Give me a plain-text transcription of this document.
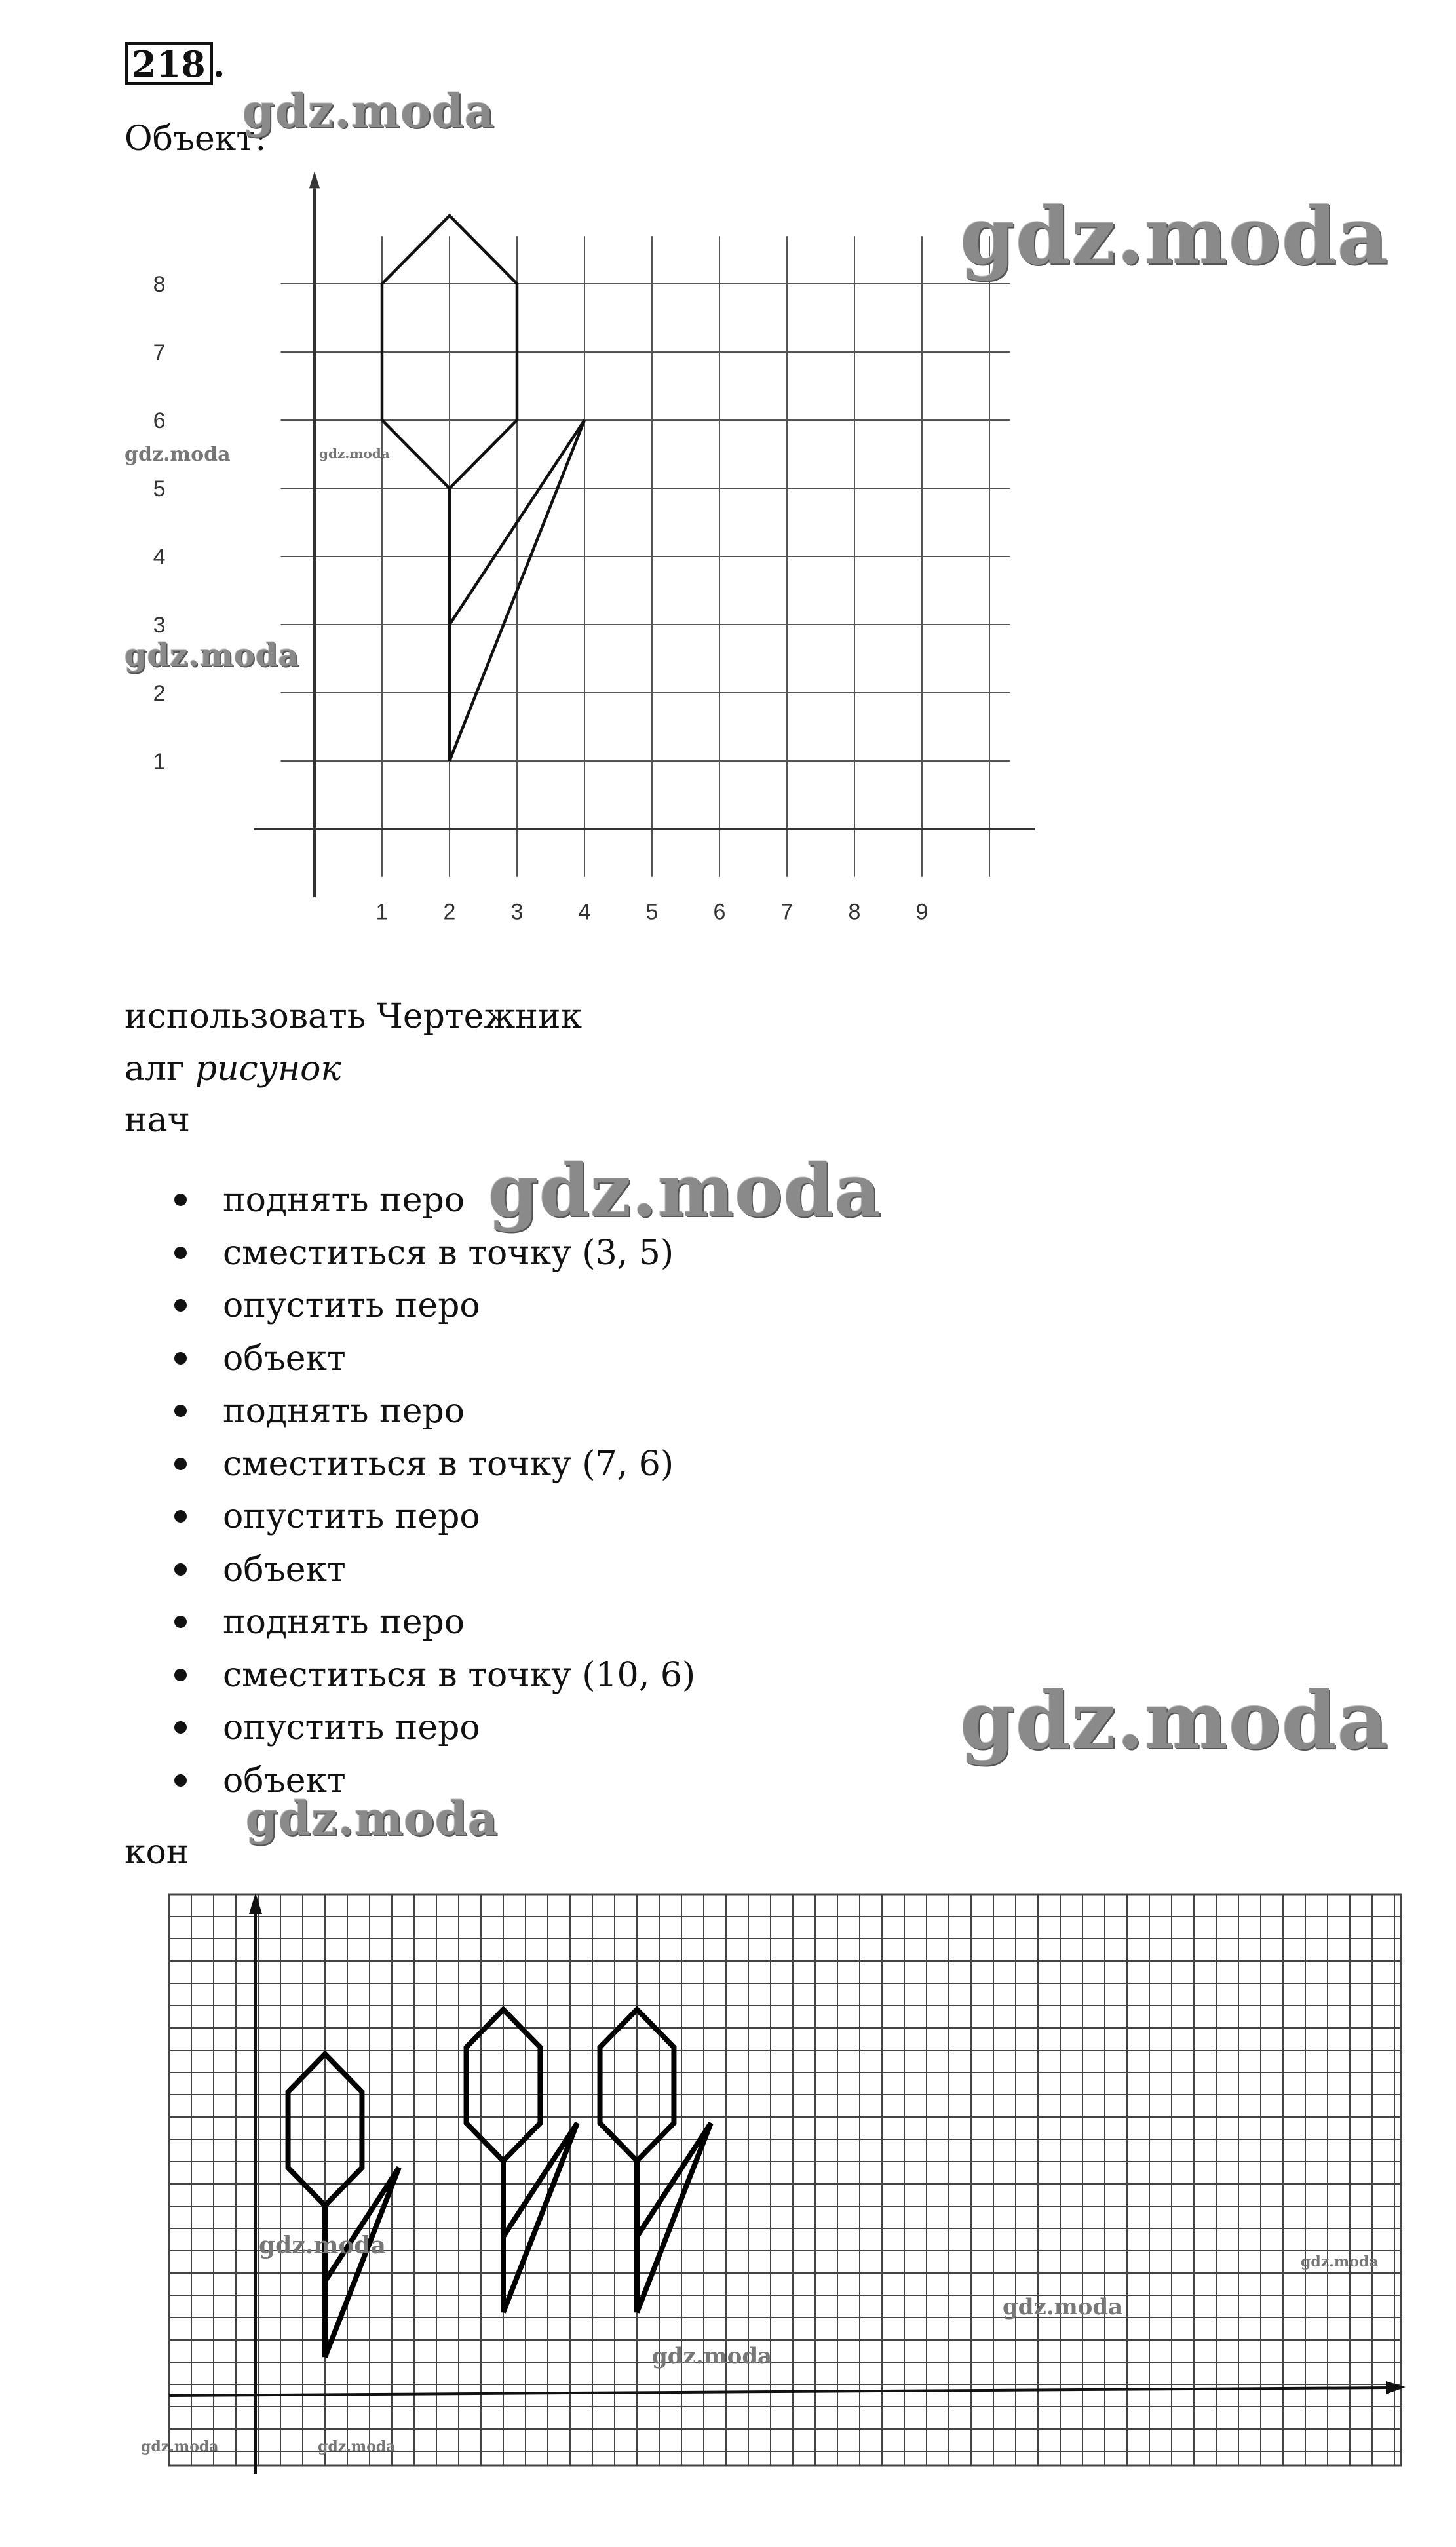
218 .
Объект:
1 2 3 4 5 6 7 8 9
1
2
3
4
5
6
7
8
использовать Чертежник
алг рисунок
нач
поднять перо
сместиться в точку (3, 5)
опустить перо
объект
поднять перо
сместиться в точку (7, 6)
опустить перо
объект
поднять перо
сместиться в точку (10, 6)
опустить перо
объект
кон
gdz.moda
gdz.moda
gdz.moda	gdz.moda
gdz.moda
gdz.moda
gdz.moda
gdz.moda
gdz.moda
gdz.moda
gdz.moda
gdz.moda
gdz.moda	gdz.moda
